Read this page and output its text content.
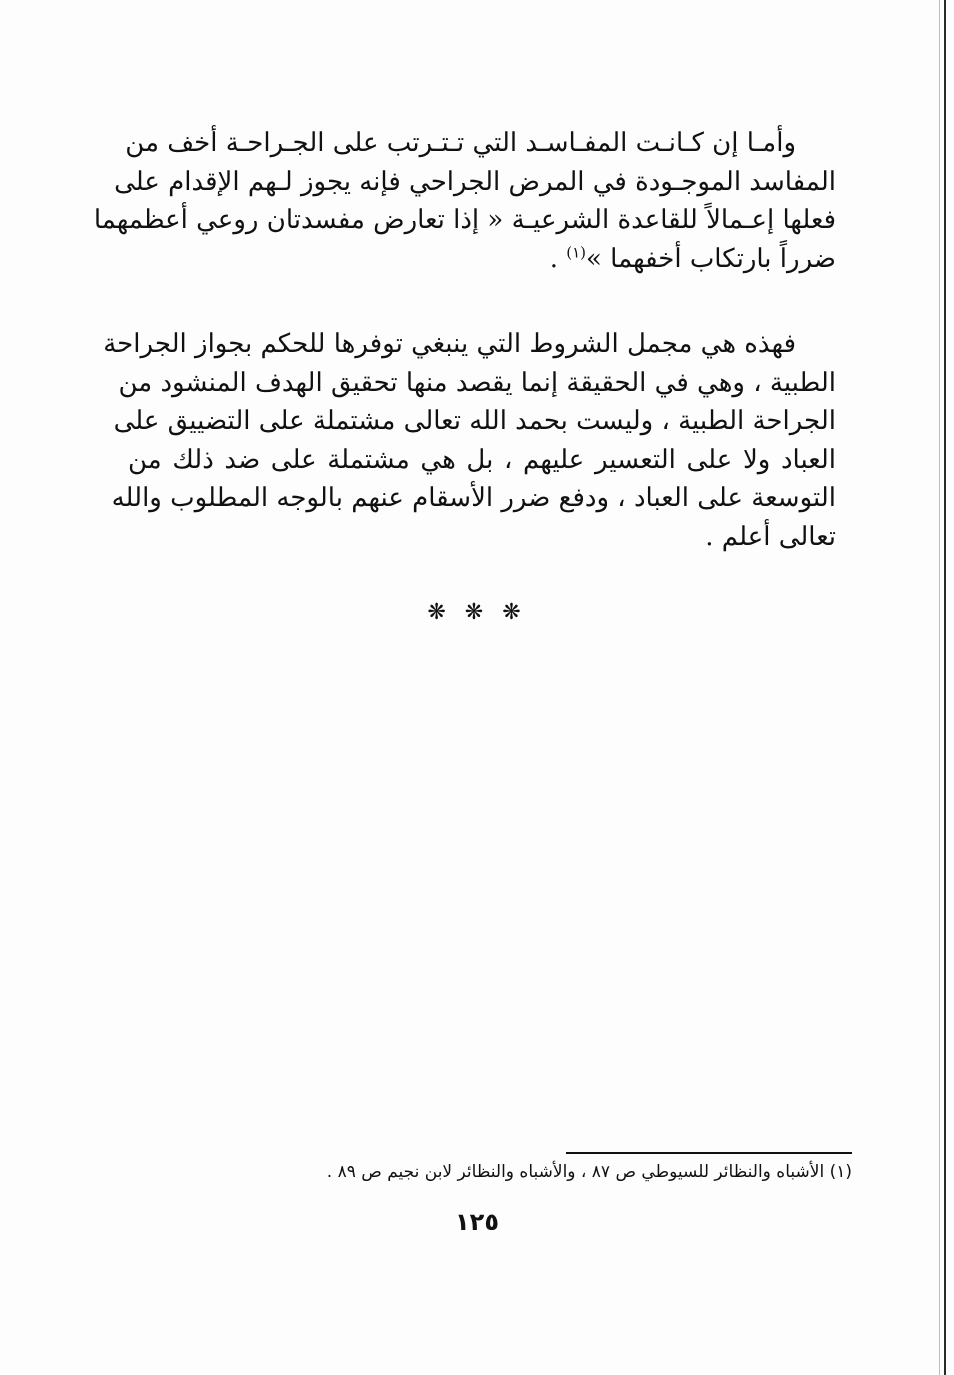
وأمـا إن كـانـت المفـاسـد التي تـتـرتب على الجـراحـة أخف من
المفاسد الموجـودة في المرض الجراحي فإنه يجوز لـهم الإقدام على
فعلها إعـمالاً للقاعدة الشرعيـة « إذا تعارض مفسدتان روعي أعظمهما
ضرراً بارتكاب أخفهما »$^{(١)}$ .
فهذه هي مجمل الشروط التي ينبغي توفرها للحكم بجواز الجراحة
الطبية ، وهي في الحقيقة إنما يقصد منها تحقيق الهدف المنشود من
الجراحة الطبية ، وليست بحمد الله تعالى مشتملة على التضييق على
العباد ولا على التعسير عليهم ، بل هي مشتملة على ضد ذلك من
التوسعة على العباد ، ودفع ضرر الأسقام عنهم بالوجه المطلوب والله
تعالى أعلم .
❋ ❋ ❋
(١) الأشباه والنظائر للسيوطي ص ٨٧ ، والأشباه والنظائر لابن نجيم ص ٨٩ .
١٢٥
